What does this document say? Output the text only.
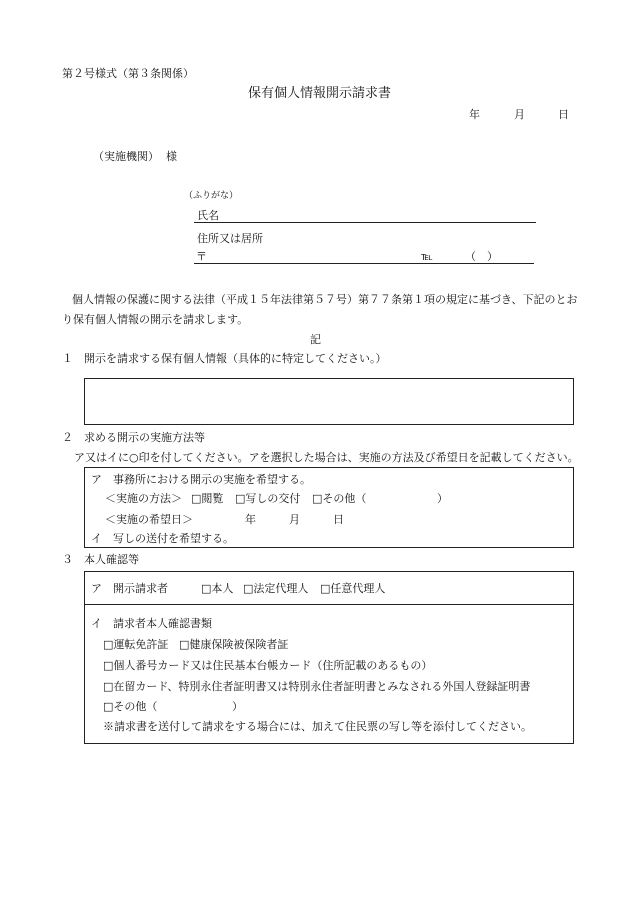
第２号様式（第３条関係）
保有個人情報開示請求書
年	月	日
（実施機関） 様
（ふりがな）
氏名
住所又は居所
〒	℡	（　）
個人情報の保護に関する法律（平成１５年法律第５７号）第７７条第１項の規定に基づき、下記のとお
り保有個人情報の開示を請求します。
記
１　開示を請求する保有個人情報（具体的に特定してください。）
２　求める開示の実施方法等
ア又はイに○印を付してください。アを選択した場合は、実施の方法及び希望日を記載してください。
ア　事務所における開示の実施を希望する。
＜実施の方法＞ □閲覧 □写しの交付 □その他（	）
＜実施の希望日＞	年	月	日
イ　写しの送付を希望する。
３　本人確認等
ア　開示請求者	□本人 □法定代理人 □任意代理人
イ　請求者本人確認書類
□運転免許証 □健康保険被保険者証
□個人番号カード又は住民基本台帳カード（住所記載のあるもの）
□在留カード、特別永住者証明書又は特別永住者証明書とみなされる外国人登録証明書
□その他（	）
※請求書を送付して請求をする場合には、加えて住民票の写し等を添付してください。
